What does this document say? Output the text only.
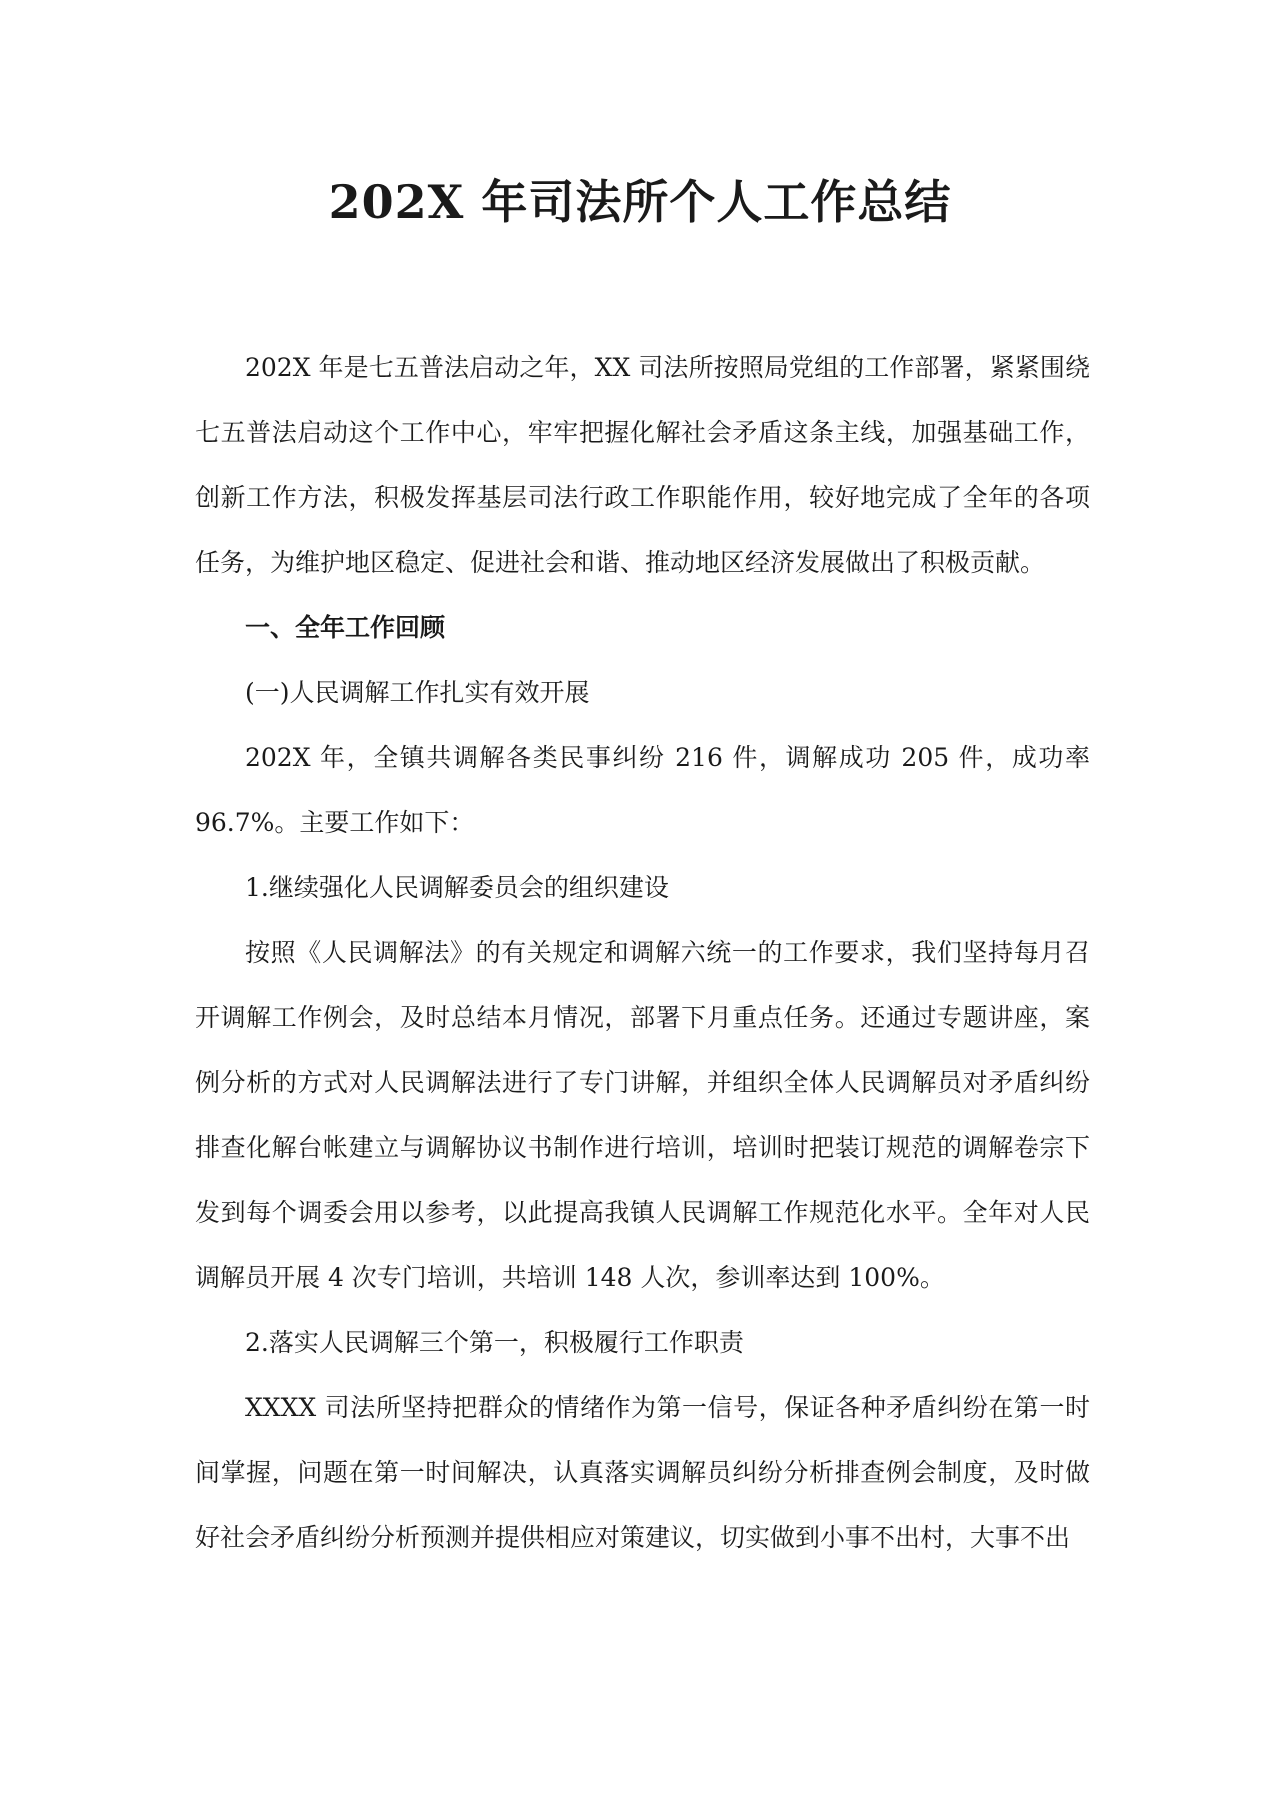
202X 年司法所个人工作总结

202X 年是七五普法启动之年，XX 司法所按照局党组的工作部署，紧紧围绕七五普法启动这个工作中心，牢牢把握化解社会矛盾这条主线，加强基础工作，创新工作方法，积极发挥基层司法行政工作职能作用，较好地完成了全年的各项任务，为维护地区稳定、促进社会和谐、推动地区经济发展做出了积极贡献。

一、全年工作回顾

(一)人民调解工作扎实有效开展

202X 年，全镇共调解各类民事纠纷 216 件，调解成功 205 件，成功率 96.7%。主要工作如下：

1.继续强化人民调解委员会的组织建设

按照《人民调解法》的有关规定和调解六统一的工作要求，我们坚持每月召开调解工作例会，及时总结本月情况，部署下月重点任务。还通过专题讲座，案例分析的方式对人民调解法进行了专门讲解，并组织全体人民调解员对矛盾纠纷排查化解台帐建立与调解协议书制作进行培训，培训时把装订规范的调解卷宗下发到每个调委会用以参考，以此提高我镇人民调解工作规范化水平。全年对人民调解员开展 4 次专门培训，共培训 148 人次，参训率达到 100%。

2.落实人民调解三个第一，积极履行工作职责

XXXX 司法所坚持把群众的情绪作为第一信号，保证各种矛盾纠纷在第一时间掌握，问题在第一时间解决，认真落实调解员纠纷分析排查例会制度，及时做好社会矛盾纠纷分析预测并提供相应对策建议，切实做到小事不出村，大事不出
